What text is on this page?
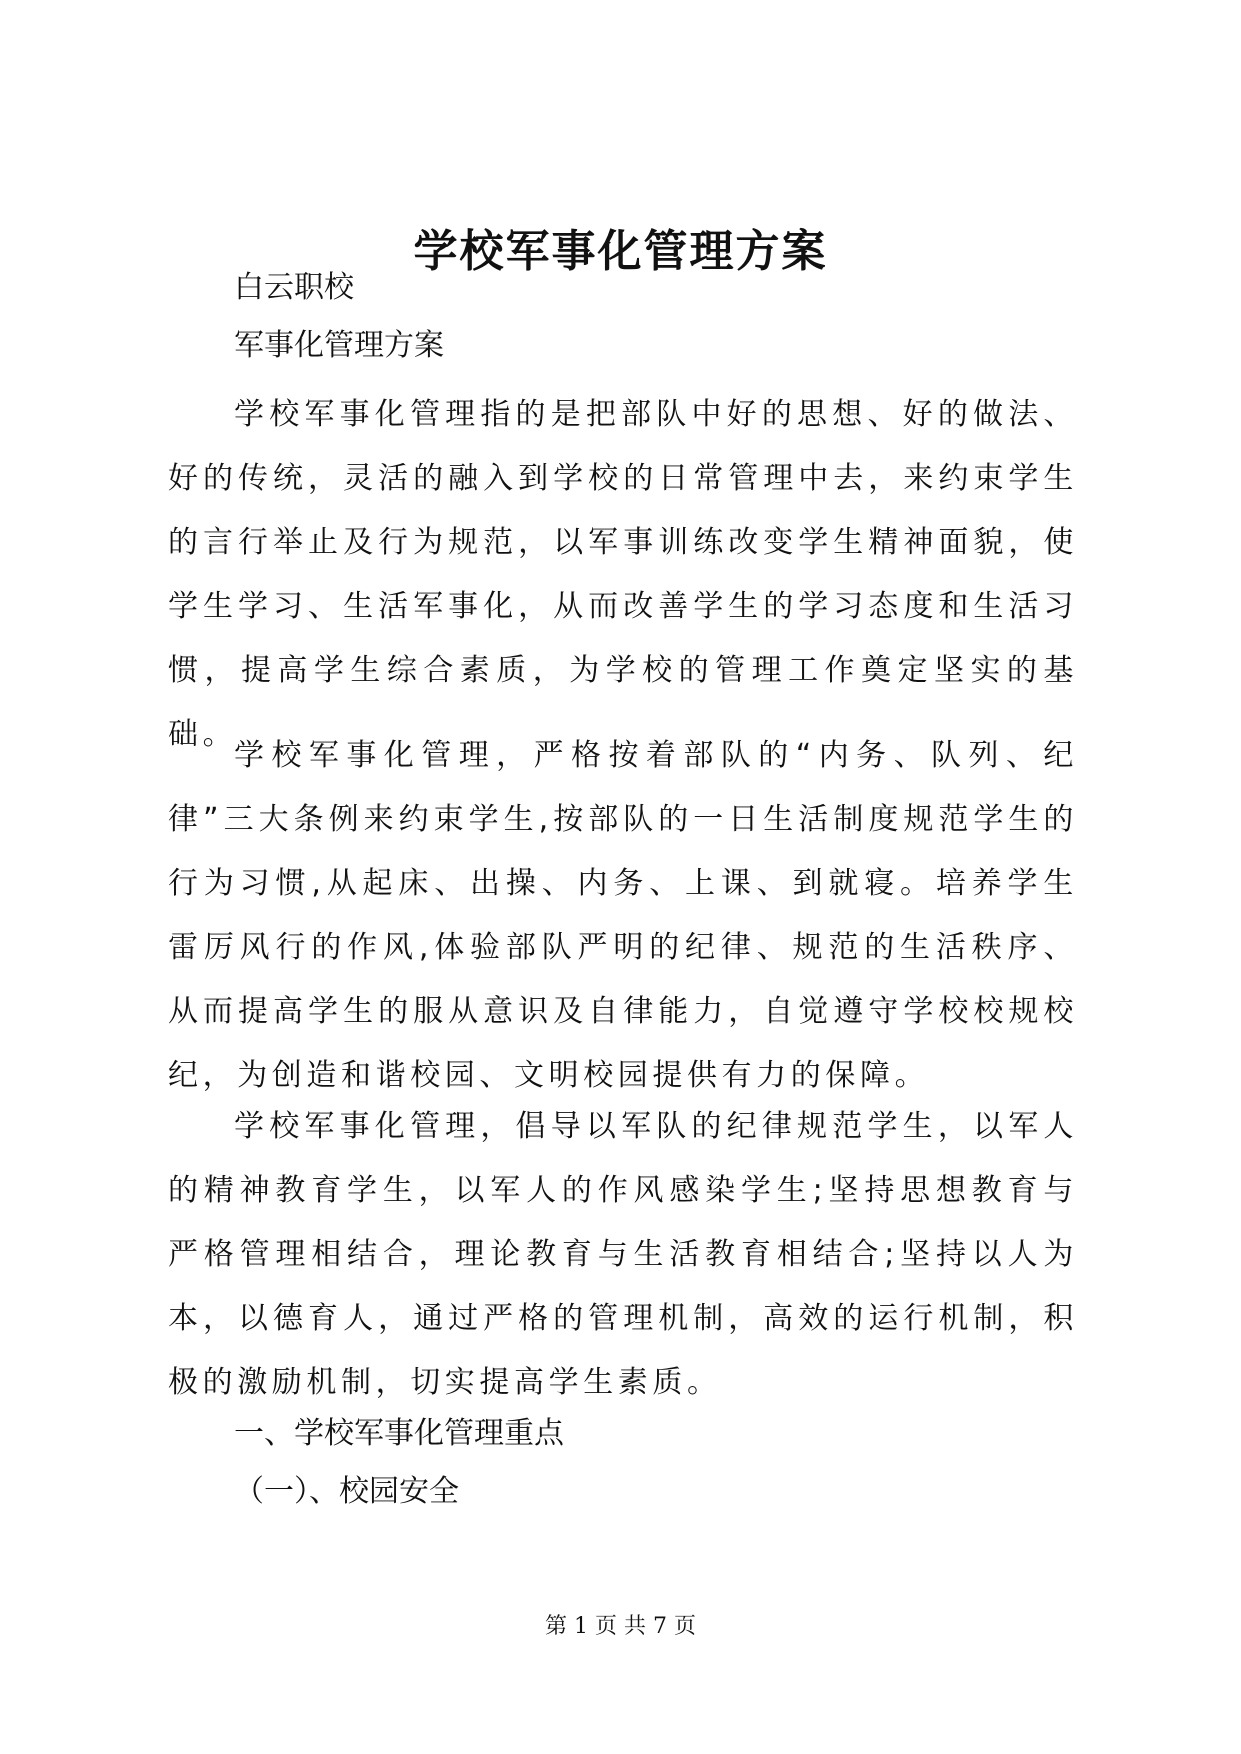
学校军事化管理方案

白云职校

军事化管理方案

学校军事化管理指的是把部队中好的思想、好的做法、好的传统，灵活的融入到学校的日常管理中去，来约束学生的言行举止及行为规范，以军事训练改变学生精神面貌，使学生学习、生活军事化，从而改善学生的学习态度和生活习惯，提高学生综合素质，为学校的管理工作奠定坚实的基础。

学校军事化管理，严格按着部队的“内务、队列、纪律”三大条例来约束学生,按部队的一日生活制度规范学生的行为习惯,从起床、出操、内务、上课、到就寝。培养学生雷厉风行的作风,体验部队严明的纪律、规范的生活秩序、从而提高学生的服从意识及自律能力，自觉遵守学校校规校纪，为创造和谐校园、文明校园提供有力的保障。

学校军事化管理，倡导以军队的纪律规范学生，以军人的精神教育学生，以军人的作风感染学生;坚持思想教育与严格管理相结合，理论教育与生活教育相结合;坚持以人为本，以德育人，通过严格的管理机制，高效的运行机制，积极的激励机制，切实提高学生素质。

一、学校军事化管理重点

（一）、校园安全

第 1 页 共 7 页
